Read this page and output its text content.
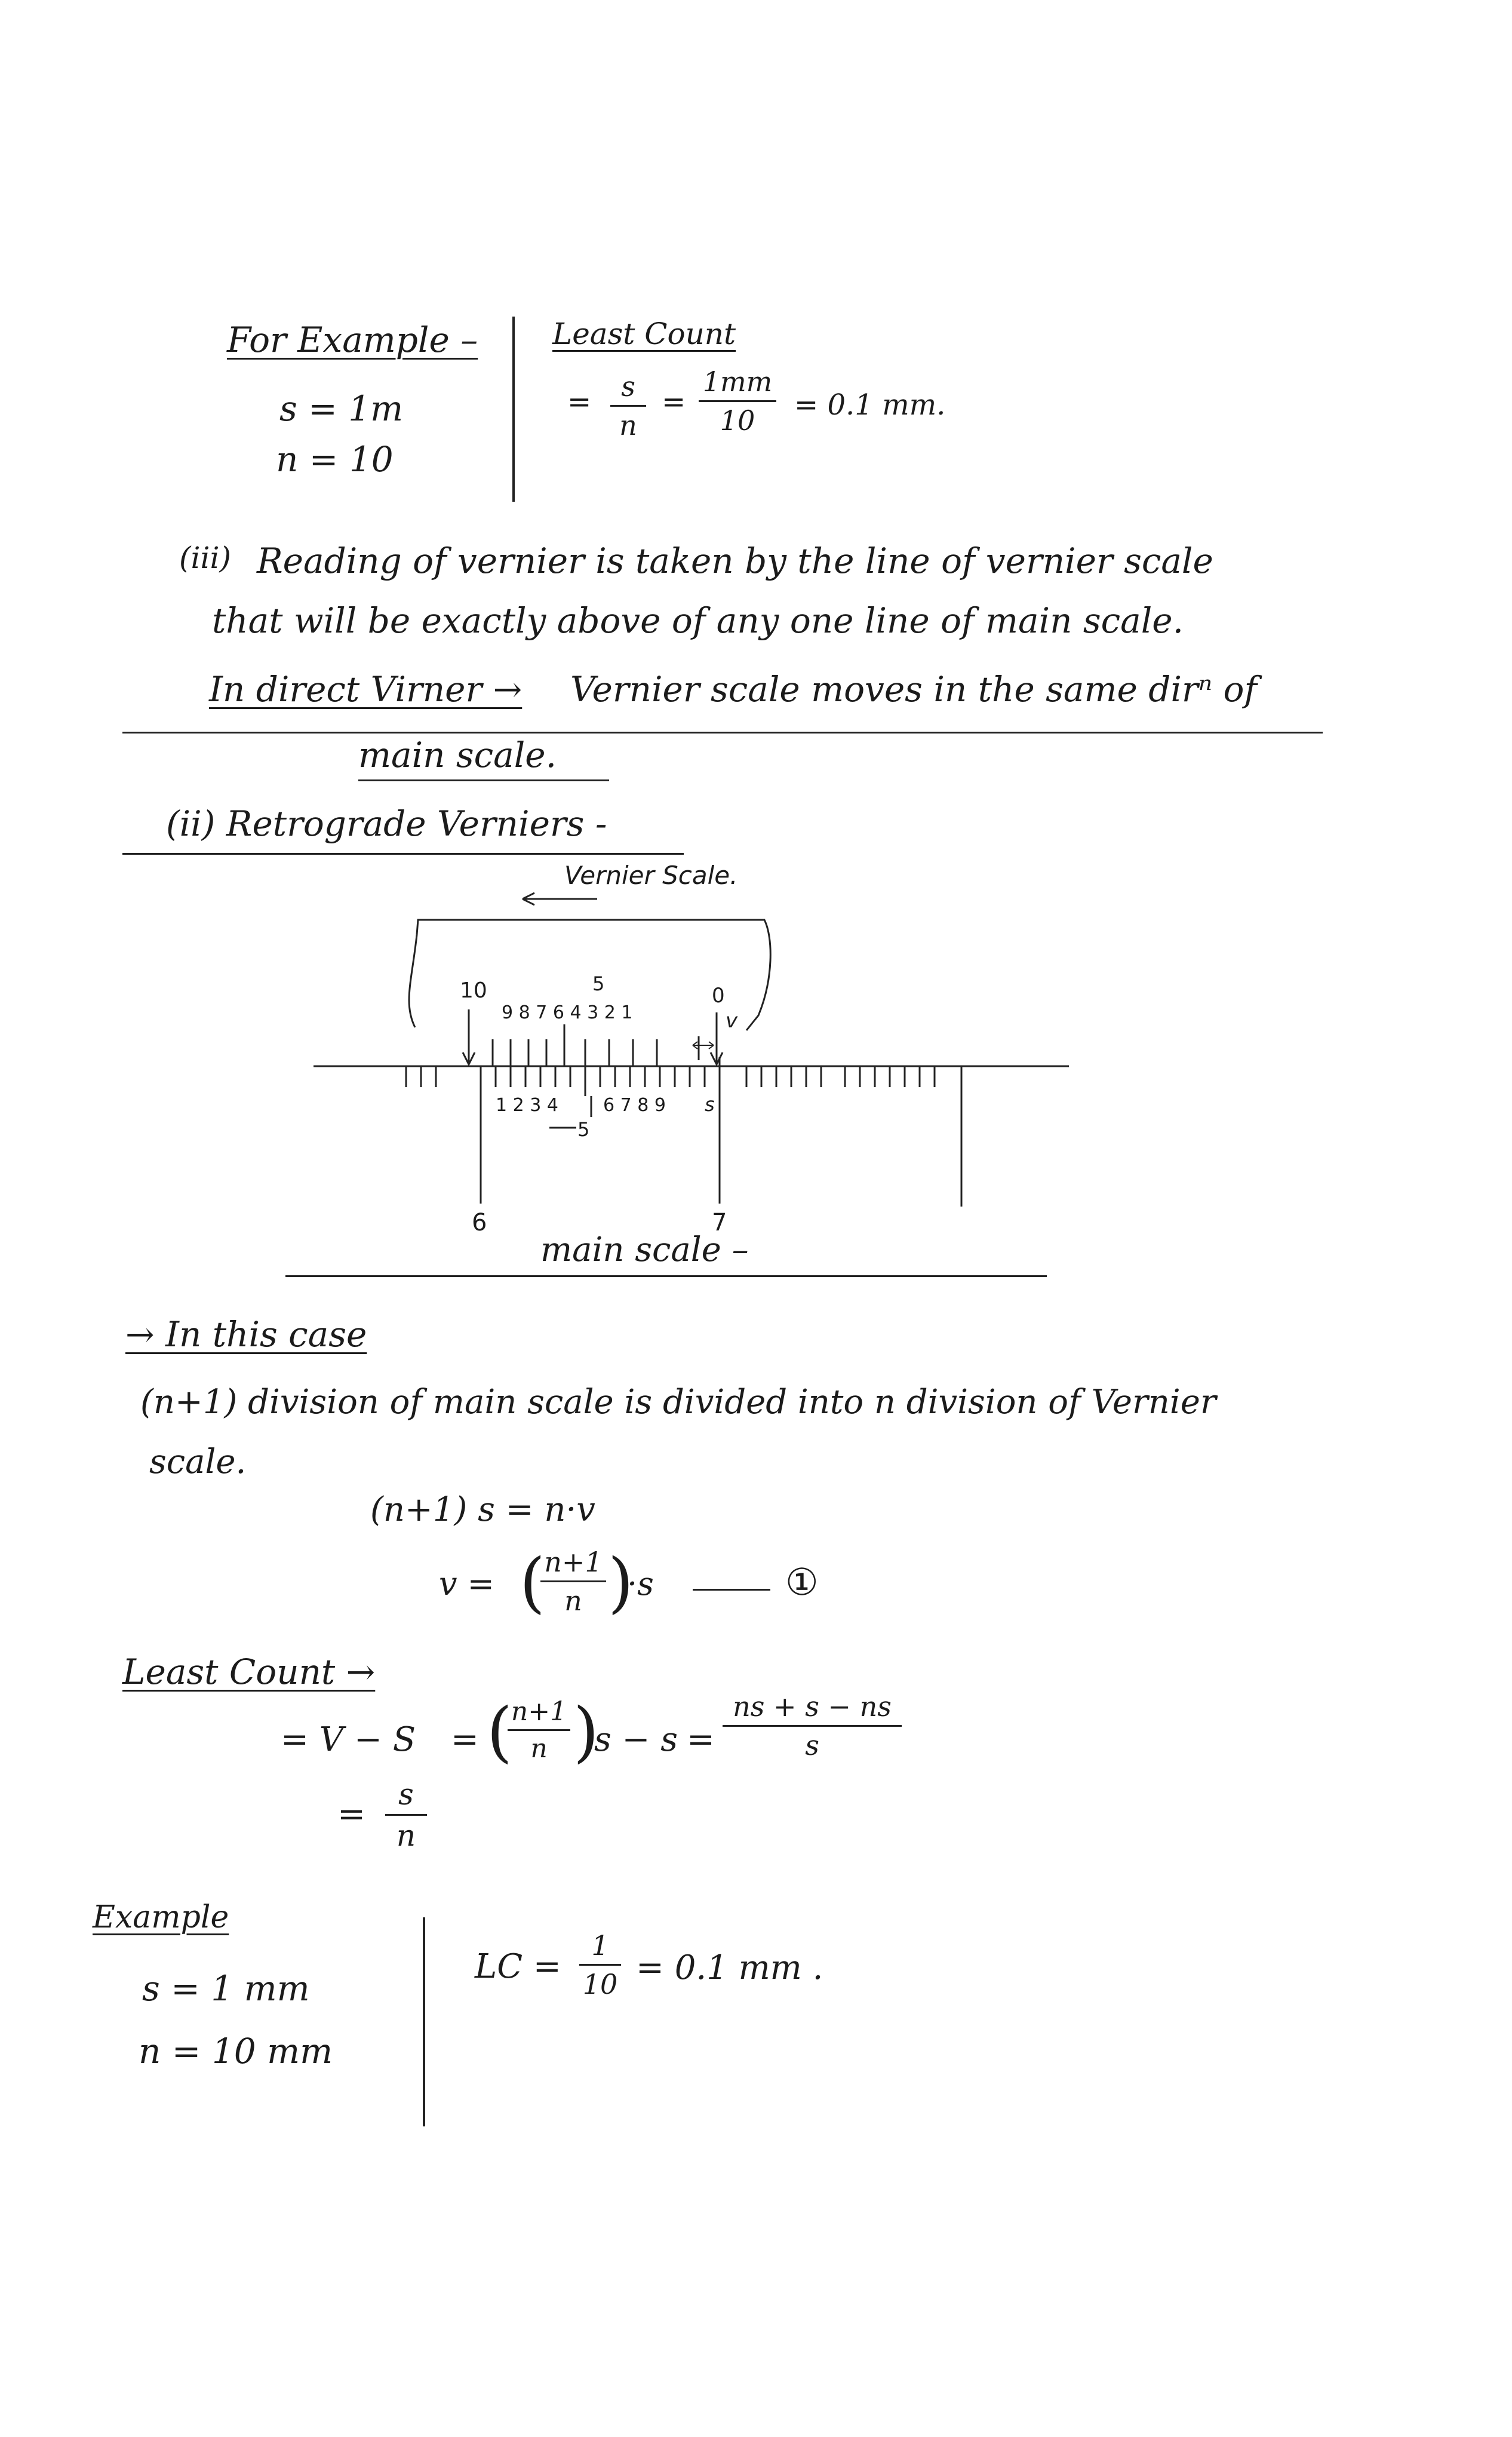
For Example –
s = 1m
n = 10
Least Count
= s
n
=
1mm
10 = 0.1 mm.
(iii) Reading of vernier is taken by the line of vernier scale
that will be exactly above of any one line of main scale.
In direct Virner → Vernier scale moves in the same dirⁿ of
main scale.
(ii) Retrograde Verniers -
Vernier Scale.
10	5	0
9 8 7 6 4 3 2 1	v
1 2 3 4	6 7 8 9 s
5
6	7
main scale –
→ In this case
(n+1) division of main scale is divided into n division of Vernier
scale.
(n+1) s = n·v
v = (
n+1
n )
·s	①
Least Count →
= V − S = (
n+1
n )
s − s =
ns + s − ns
s
=
s
n
Example
s = 1 mm
n = 10 mm
LC =
1
10 = 0.1 mm .
